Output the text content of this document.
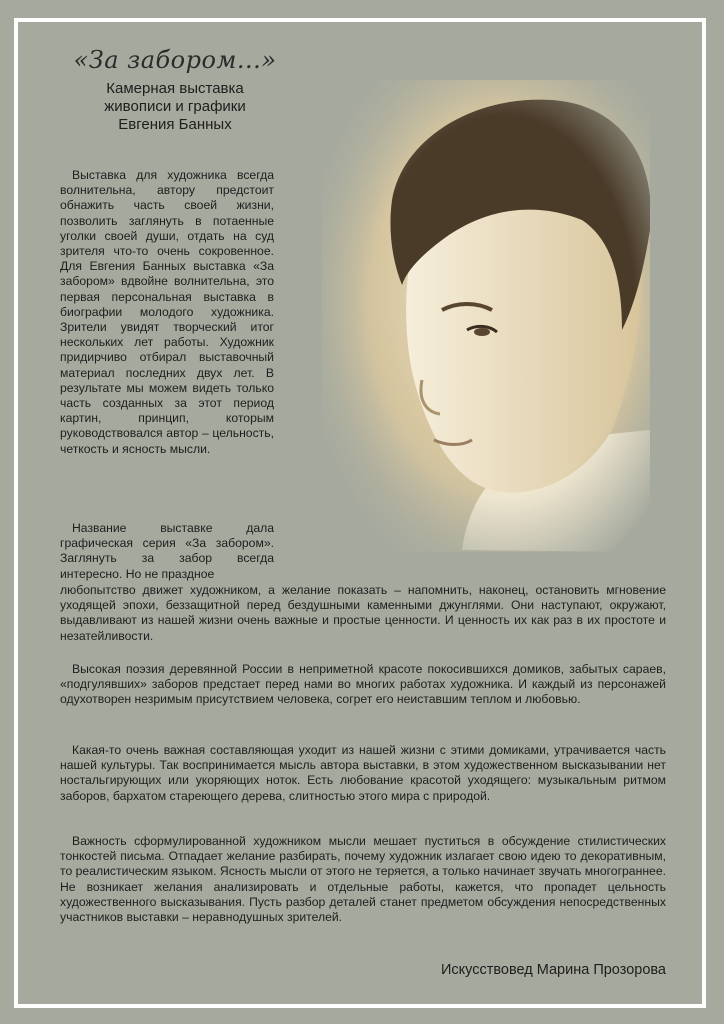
«За забором...»

Камерная выставка

живописи и графики

Евгения Банных

Выставка для художника всегда волнительна, автору предстоит обнажить часть своей жизни, позволить заглянуть в потаенные уголки своей души, отдать на суд зрителя что-то очень сокровенное. Для Евгения Банных выставка «За забором» вдвойне волнительна, это первая персональная выставка в биографии молодого художника. Зрители увидят творческий итог нескольких лет работы. Художник придирчиво отбирал выставочный материал последних двух лет. В результате мы можем видеть только часть созданных за этот период картин, принцип, которым руководствовался автор – цельность, четкость и ясность мысли.

Название выставке дала графическая серия «За забором». Заглянуть за забор всегда интересно. Но не праздное

любопытство движет художником, а желание показать – напомнить, наконец, остановить мгновение уходящей эпохи, беззащитной перед бездушными каменными джунглями. Они наступают, окружают, выдавливают из нашей жизни очень важные и простые ценности. И ценность их как раз в их простоте и незатейливости.

Высокая поэзия деревянной России в неприметной красоте покосившихся домиков, забытых сараев, «подгулявших» заборов предстает перед нами во многих работах художника. И каждый из персонажей одухотворен незримым присутствием человека, согрет его неиставшим теплом и любовью.

Какая-то очень важная составляющая уходит из нашей жизни с этими домиками, утрачивается часть нашей культуры. Так воспринимается мысль автора выставки, в этом художественном высказывании нет ностальгирующих или укоряющих ноток. Есть любование красотой уходящего: музыкальным ритмом заборов, бархатом стареющего дерева, слитностью этого мира с природой.

Важность сформулированной художником мысли мешает пуститься в обсуждение стилистических тонкостей письма. Отпадает желание разбирать, почему художник излагает свою идею то декоративным, то реалистическим языком. Ясность мысли от этого не теряется, а только начинает звучать многограннее. Не возникает желания анализировать и отдельные работы, кажется, что пропадет цельность художественного высказывания. Пусть разбор деталей станет предметом обсуждения непосредственных участников выставки – неравнодушных зрителей.

Искусствовед Марина Прозорова
